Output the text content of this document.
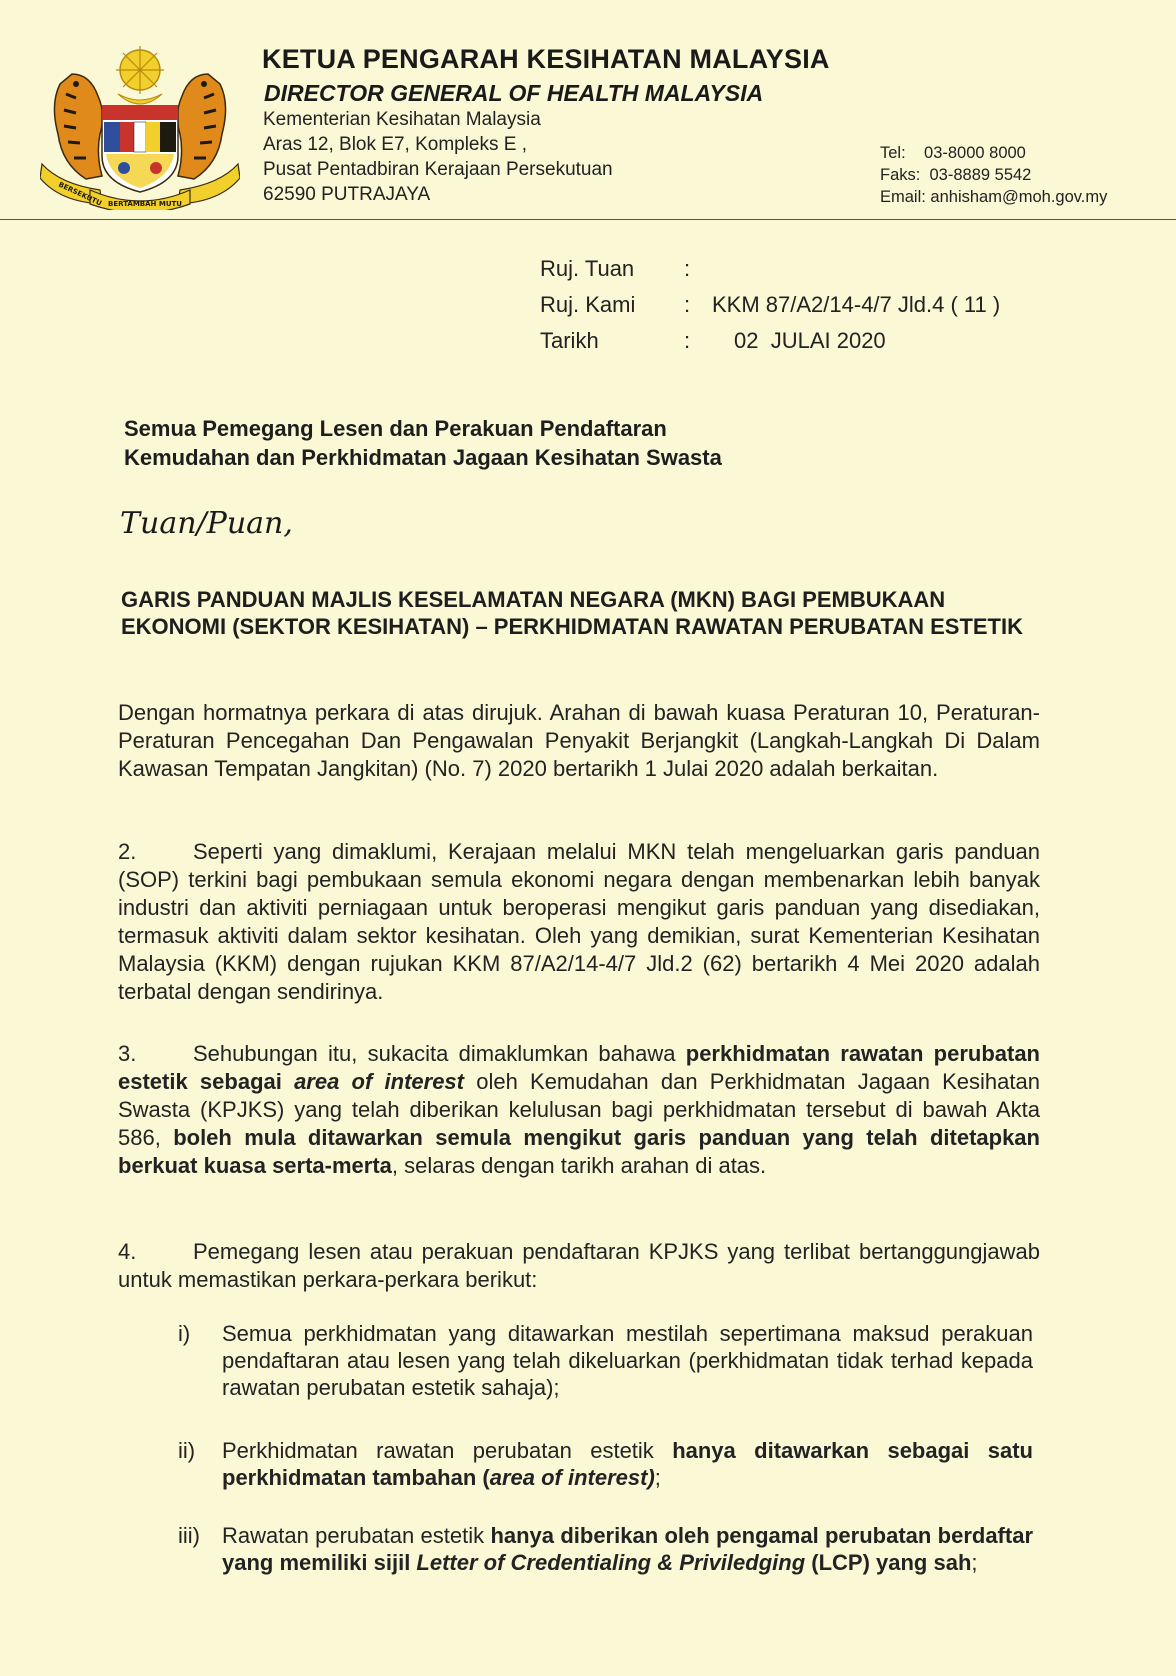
BERSEKUTU BERTAMBAH MUTU
KETUA PENGARAH KESIHATAN MALAYSIA
DIRECTOR GENERAL OF HEALTH MALAYSIA
Kementerian Kesihatan Malaysia
Aras 12, Blok E7, Kompleks E ,
Pusat Pentadbiran Kerajaan Persekutuan
62590 PUTRAJAYA
Tel:    03-8000 8000
Faks:  03-8889 5542
Email: anhisham@moh.gov.my
Ruj. Tuan :
Ruj. Kami : KKM 87/A2/14-4/7 Jld.4 ( 11 )
Tarikh	: 02  JULAI 2020
Semua Pemegang Lesen dan Perakuan Pendaftaran
Kemudahan dan Perkhidmatan Jagaan Kesihatan Swasta
Tuan/Puan,
GARIS PANDUAN MAJLIS KESELAMATAN NEGARA (MKN) BAGI PEMBUKAAN EKONOMI (SEKTOR KESIHATAN) – PERKHIDMATAN RAWATAN PERUBATAN ESTETIK
Dengan hormatnya perkara di atas dirujuk. Arahan di bawah kuasa Peraturan 10, Peraturan-Peraturan Pencegahan Dan Pengawalan Penyakit Berjangkit (Langkah-Langkah Di Dalam Kawasan Tempatan Jangkitan) (No. 7) 2020 bertarikh 1 Julai 2020 adalah berkaitan.
2.	Seperti yang dimaklumi, Kerajaan melalui MKN telah mengeluarkan garis panduan (SOP) terkini bagi pembukaan semula ekonomi negara dengan membenarkan lebih banyak industri dan aktiviti perniagaan untuk beroperasi mengikut garis panduan yang disediakan, termasuk aktiviti dalam sektor kesihatan. Oleh yang demikian, surat Kementerian Kesihatan Malaysia (KKM) dengan rujukan KKM 87/A2/14-4/7 Jld.2 (62) bertarikh 4 Mei 2020 adalah terbatal dengan sendirinya.
3.	Sehubungan itu, sukacita dimaklumkan bahawa perkhidmatan rawatan perubatan estetik sebagai area of interest oleh Kemudahan dan Perkhidmatan Jagaan Kesihatan Swasta (KPJKS) yang telah diberikan kelulusan bagi perkhidmatan tersebut di bawah Akta 586, boleh mula ditawarkan semula mengikut garis panduan yang telah ditetapkan berkuat kuasa serta-merta, selaras dengan tarikh arahan di atas.
4.	Pemegang lesen atau perakuan pendaftaran KPJKS yang terlibat bertanggungjawab untuk memastikan perkara-perkara berikut:
i) Semua perkhidmatan yang ditawarkan mestilah sepertimana maksud perakuan pendaftaran atau lesen yang telah dikeluarkan (perkhidmatan tidak terhad kepada rawatan perubatan estetik sahaja);
ii) Perkhidmatan rawatan perubatan estetik hanya ditawarkan sebagai satu perkhidmatan tambahan (area of interest);
iii) Rawatan perubatan estetik hanya diberikan oleh pengamal perubatan berdaftar yang memiliki sijil Letter of Credentialing & Priviledging (LCP) yang sah;
